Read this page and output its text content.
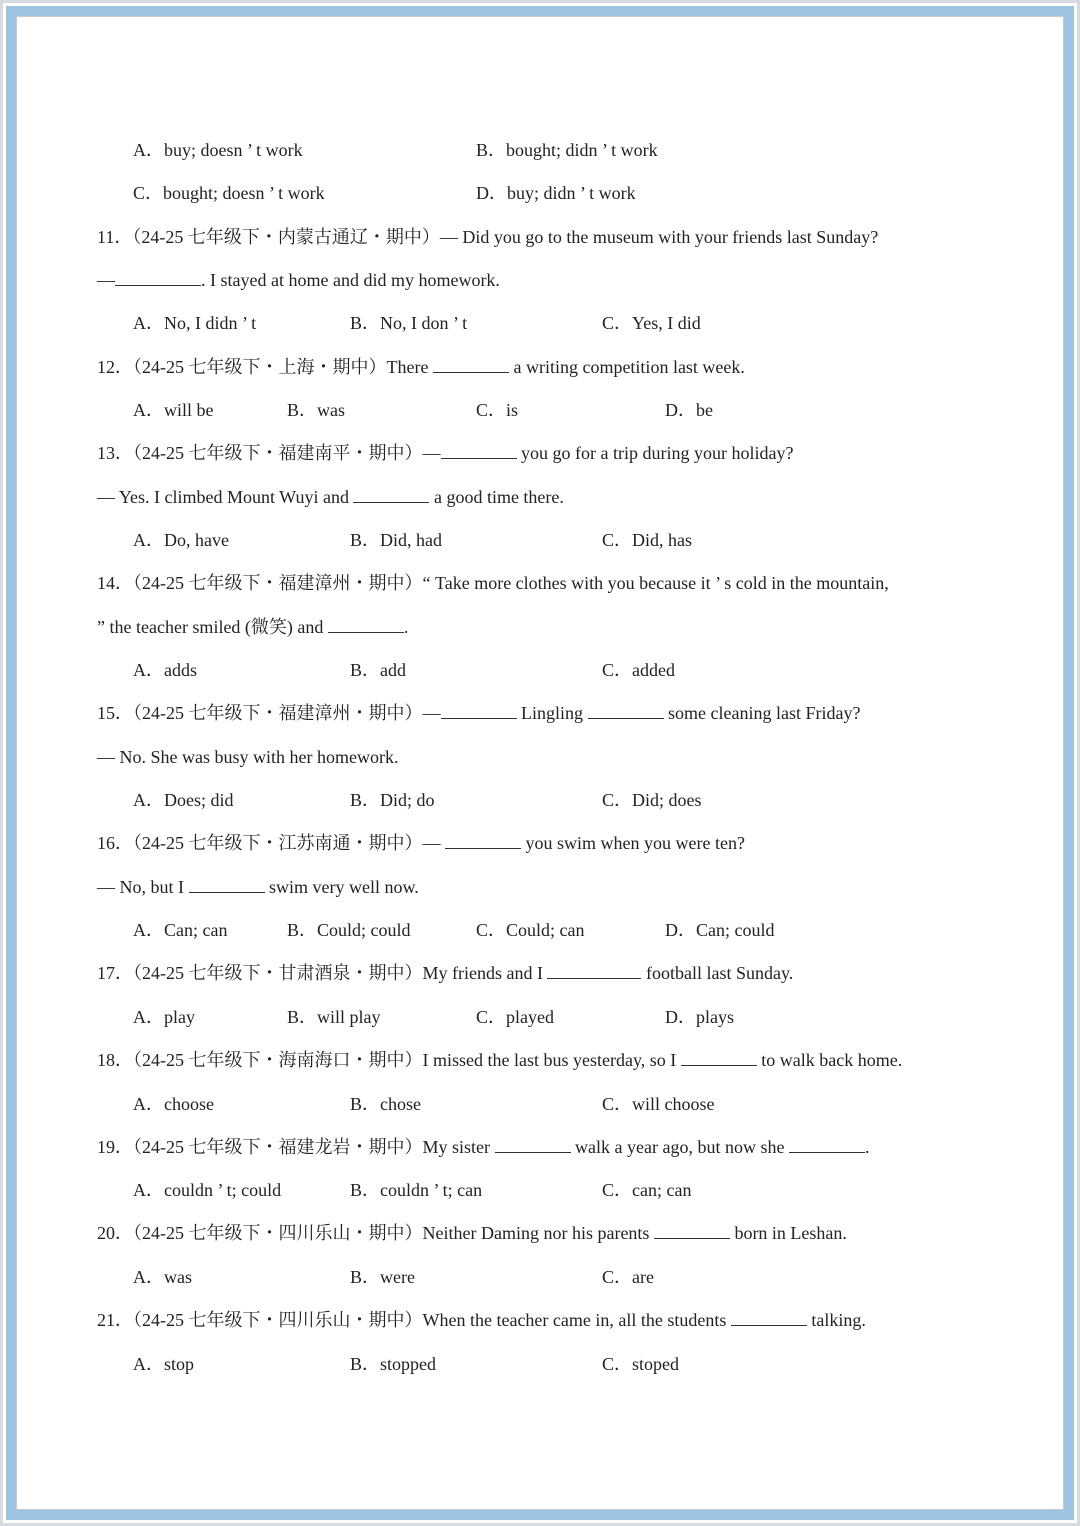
A．buy; doesn ’ t work	B．bought; didn ’ t work
C．bought; doesn ’ t work	D．buy; didn ’ t work
11．（24-25 七年级下・内蒙古通辽・期中）— Did you go to the museum with your friends last Sunday?
—	. I stayed at home and did my homework.
A．No, I didn ’ t	B．No, I don ’ t	C．Yes, I did
12．（24-25 七年级下・上海・期中）There	a writing competition last week.
A．will be	B．was	C．is	D．be
13．（24-25 七年级下・福建南平・期中）—	you go for a trip during your holiday?
— Yes. I climbed Mount Wuyi and	a good time there.
A．Do, have	B．Did, had	C．Did, has
14．（24-25 七年级下・福建漳州・期中）“ Take more clothes with you because it ’ s cold in the mountain,
” the teacher smiled (微笑) and	.
A．adds	B．add	C．added
15．（24-25 七年级下・福建漳州・期中）—	Lingling	some cleaning last Friday?
— No. She was busy with her homework.
A．Does; did	B．Did; do	C．Did; does
16．（24-25 七年级下・江苏南通・期中）—	you swim when you were ten?
— No, but I	swim very well now.
A．Can; can	B．Could; could	C．Could; can	D．Can; could
17．（24-25 七年级下・甘肃酒泉・期中）My friends and I	football last Sunday.
A．play	B．will play	C．played	D．plays
18．（24-25 七年级下・海南海口・期中）I missed the last bus yesterday, so I	to walk back home.
A．choose	B．chose	C．will choose
19．（24-25 七年级下・福建龙岩・期中）My sister	walk a year ago, but now she	.
A．couldn ’ t; could	B．couldn ’ t; can	C．can; can
20．（24-25 七年级下・四川乐山・期中）Neither Daming nor his parents	born in Leshan.
A．was	B．were	C．are
21．（24-25 七年级下・四川乐山・期中）When the teacher came in, all the students	talking.
A．stop	B．stopped	C．stoped
